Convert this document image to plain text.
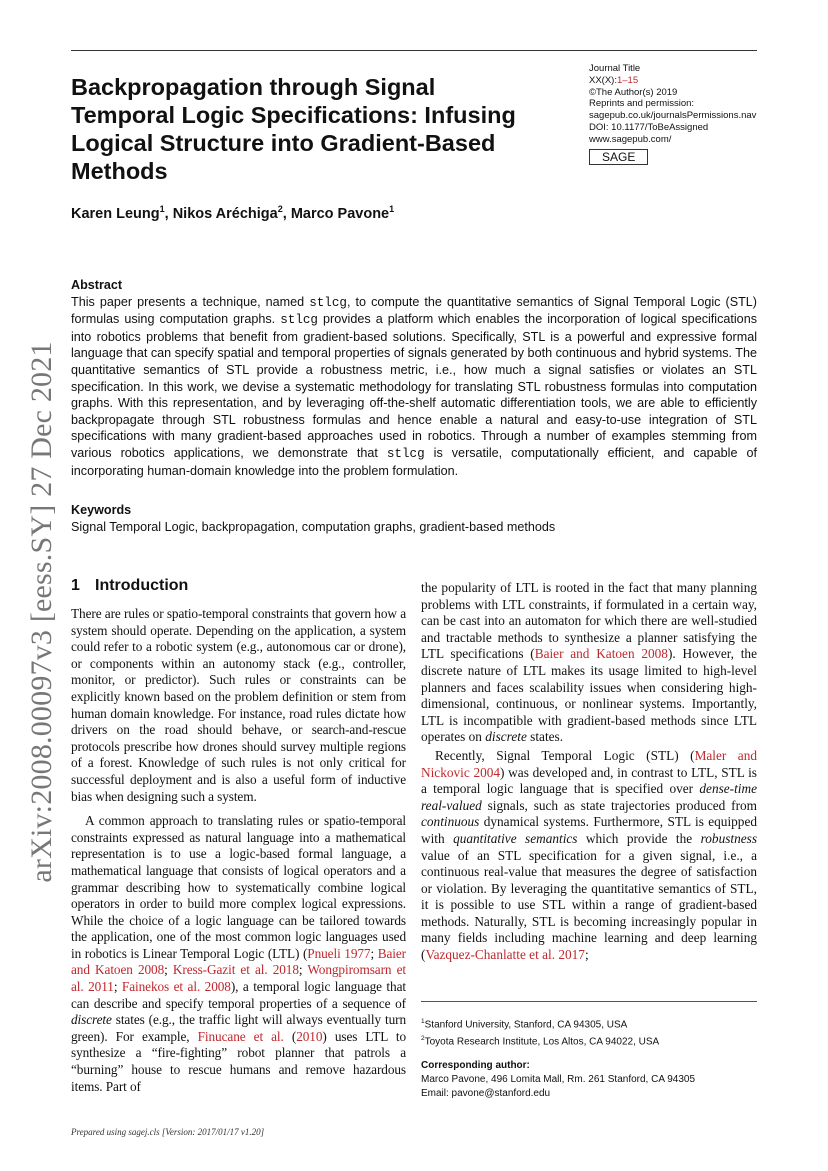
arXiv:2008.00097v3 [eess.SY] 27 Dec 2021
Journal Title
XX(X):1–15
©The Author(s) 2019
Reprints and permission:
sagepub.co.uk/journalsPermissions.nav
DOI: 10.1177/ToBeAssigned
www.sagepub.com/
SAGE
Backpropagation through Signal Temporal Logic Specifications: Infusing Logical Structure into Gradient-Based Methods
Karen Leung$^1$, Nikos Aréchiga$^2$, Marco Pavone$^1$
Abstract
This paper presents a technique, named stlcg, to compute the quantitative semantics of Signal Temporal Logic (STL) formulas using computation graphs. stlcg provides a platform which enables the incorporation of logical specifications into robotics problems that benefit from gradient-based solutions. Specifically, STL is a powerful and expressive formal language that can specify spatial and temporal properties of signals generated by both continuous and hybrid systems. The quantitative semantics of STL provide a robustness metric, i.e., how much a signal satisfies or violates an STL specification. In this work, we devise a systematic methodology for translating STL robustness formulas into computation graphs. With this representation, and by leveraging off-the-shelf automatic differentiation tools, we are able to efficiently backpropagate through STL robustness formulas and hence enable a natural and easy-to-use integration of STL specifications with many gradient-based approaches used in robotics. Through a number of examples stemming from various robotics applications, we demonstrate that stlcg is versatile, computationally efficient, and capable of incorporating human-domain knowledge into the problem formulation.
Keywords
Signal Temporal Logic, backpropagation, computation graphs, gradient-based methods
1 Introduction

There are rules or spatio-temporal constraints that govern how a system should operate. Depending on the application, a system could refer to a robotic system (e.g., autonomous car or drone), or components within an autonomy stack (e.g., controller, monitor, or predictor). Such rules or constraints can be explicitly known based on the problem definition or stem from human domain knowledge. For instance, road rules dictate how drivers on the road should behave, or search-and-rescue protocols prescribe how drones should survey multiple regions of a forest. Knowledge of such rules is not only critical for successful deployment and is also a useful form of inductive bias when designing such a system.

A common approach to translating rules or spatio-temporal constraints expressed as natural language into a mathematical representation is to use a logic-based formal language, a mathematical language that consists of logical operators and a grammar describing how to systematically combine logical operators in order to build more complex logical expressions. While the choice of a logic language can be tailored towards the application, one of the most common logic languages used in robotics is Linear Temporal Logic (LTL) (Pnueli 1977; Baier and Katoen 2008; Kress-Gazit et al. 2018; Wongpiromsarn et al. 2011; Fainekos et al. 2008), a temporal logic language that can describe and specify temporal properties of a sequence of discrete states (e.g., the traffic light will always eventually turn green). For example, Finucane et al. (2010) uses LTL to synthesize a “fire-fighting” robot planner that patrols a “burning” house to rescue humans and remove hazardous items. Part of

the popularity of LTL is rooted in the fact that many planning problems with LTL constraints, if formulated in a certain way, can be cast into an automaton for which there are well-studied and tractable methods to synthesize a planner satisfying the LTL specifications (Baier and Katoen 2008). However, the discrete nature of LTL makes its usage limited to high-level planners and faces scalability issues when considering high-dimensional, continuous, or nonlinear systems. Importantly, LTL is incompatible with gradient-based methods since LTL operates on discrete states.

Recently, Signal Temporal Logic (STL) (Maler and Nickovic 2004) was developed and, in contrast to LTL, STL is a temporal logic language that is specified over dense-time real-valued signals, such as state trajectories produced from continuous dynamical systems. Furthermore, STL is equipped with quantitative semantics which provide the robustness value of an STL specification for a given signal, i.e., a continuous real-value that measures the degree of satisfaction or violation. By leveraging the quantitative semantics of STL, it is possible to use STL within a range of gradient-based methods. Naturally, STL is becoming increasingly popular in many fields including machine learning and deep learning (Vazquez-Chanlatte et al. 2017;

$^1$Stanford University, Stanford, CA 94305, USA
$^2$Toyota Research Institute, Los Altos, CA 94022, USA
Corresponding author:
Marco Pavone, 496 Lomita Mall, Rm. 261 Stanford, CA 94305
Email: pavone@stanford.edu
Prepared using sagej.cls [Version: 2017/01/17 v1.20]
